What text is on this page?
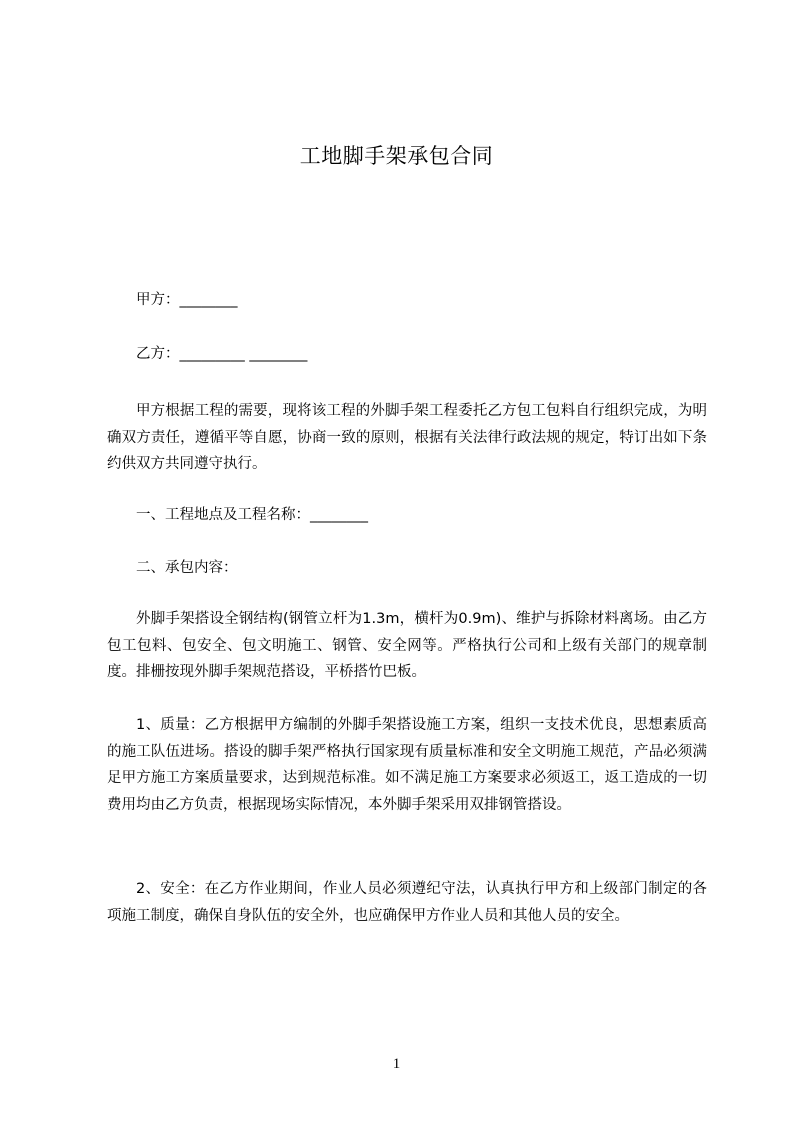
工地脚手架承包合同

甲方：________

乙方：_________ ________

甲方根据工程的需要，现将该工程的外脚手架工程委托乙方包工包料自行组织完成，为明确双方责任，遵循平等自愿，协商一致的原则，根据有关法律行政法规的规定，特订出如下条约供双方共同遵守执行。

一、工程地点及工程名称：________

二、承包内容：

外脚手架搭设全钢结构(钢管立杆为1.3m，横杆为0.9m)、维护与拆除材料离场。由乙方包工包料、包安全、包文明施工、钢管、安全网等。严格执行公司和上级有关部门的规章制度。排栅按现外脚手架规范搭设，平桥搭竹巴板。

1、质量：乙方根据甲方编制的外脚手架搭设施工方案，组织一支技术优良，思想素质高的施工队伍进场。搭设的脚手架严格执行国家现有质量标准和安全文明施工规范，产品必须满足甲方施工方案质量要求，达到规范标准。如不满足施工方案要求必须返工，返工造成的一切费用均由乙方负责，根据现场实际情况，本外脚手架采用双排钢管搭设。

2、安全：在乙方作业期间，作业人员必须遵纪守法，认真执行甲方和上级部门制定的各项施工制度，确保自身队伍的安全外，也应确保甲方作业人员和其他人员的安全。

1
